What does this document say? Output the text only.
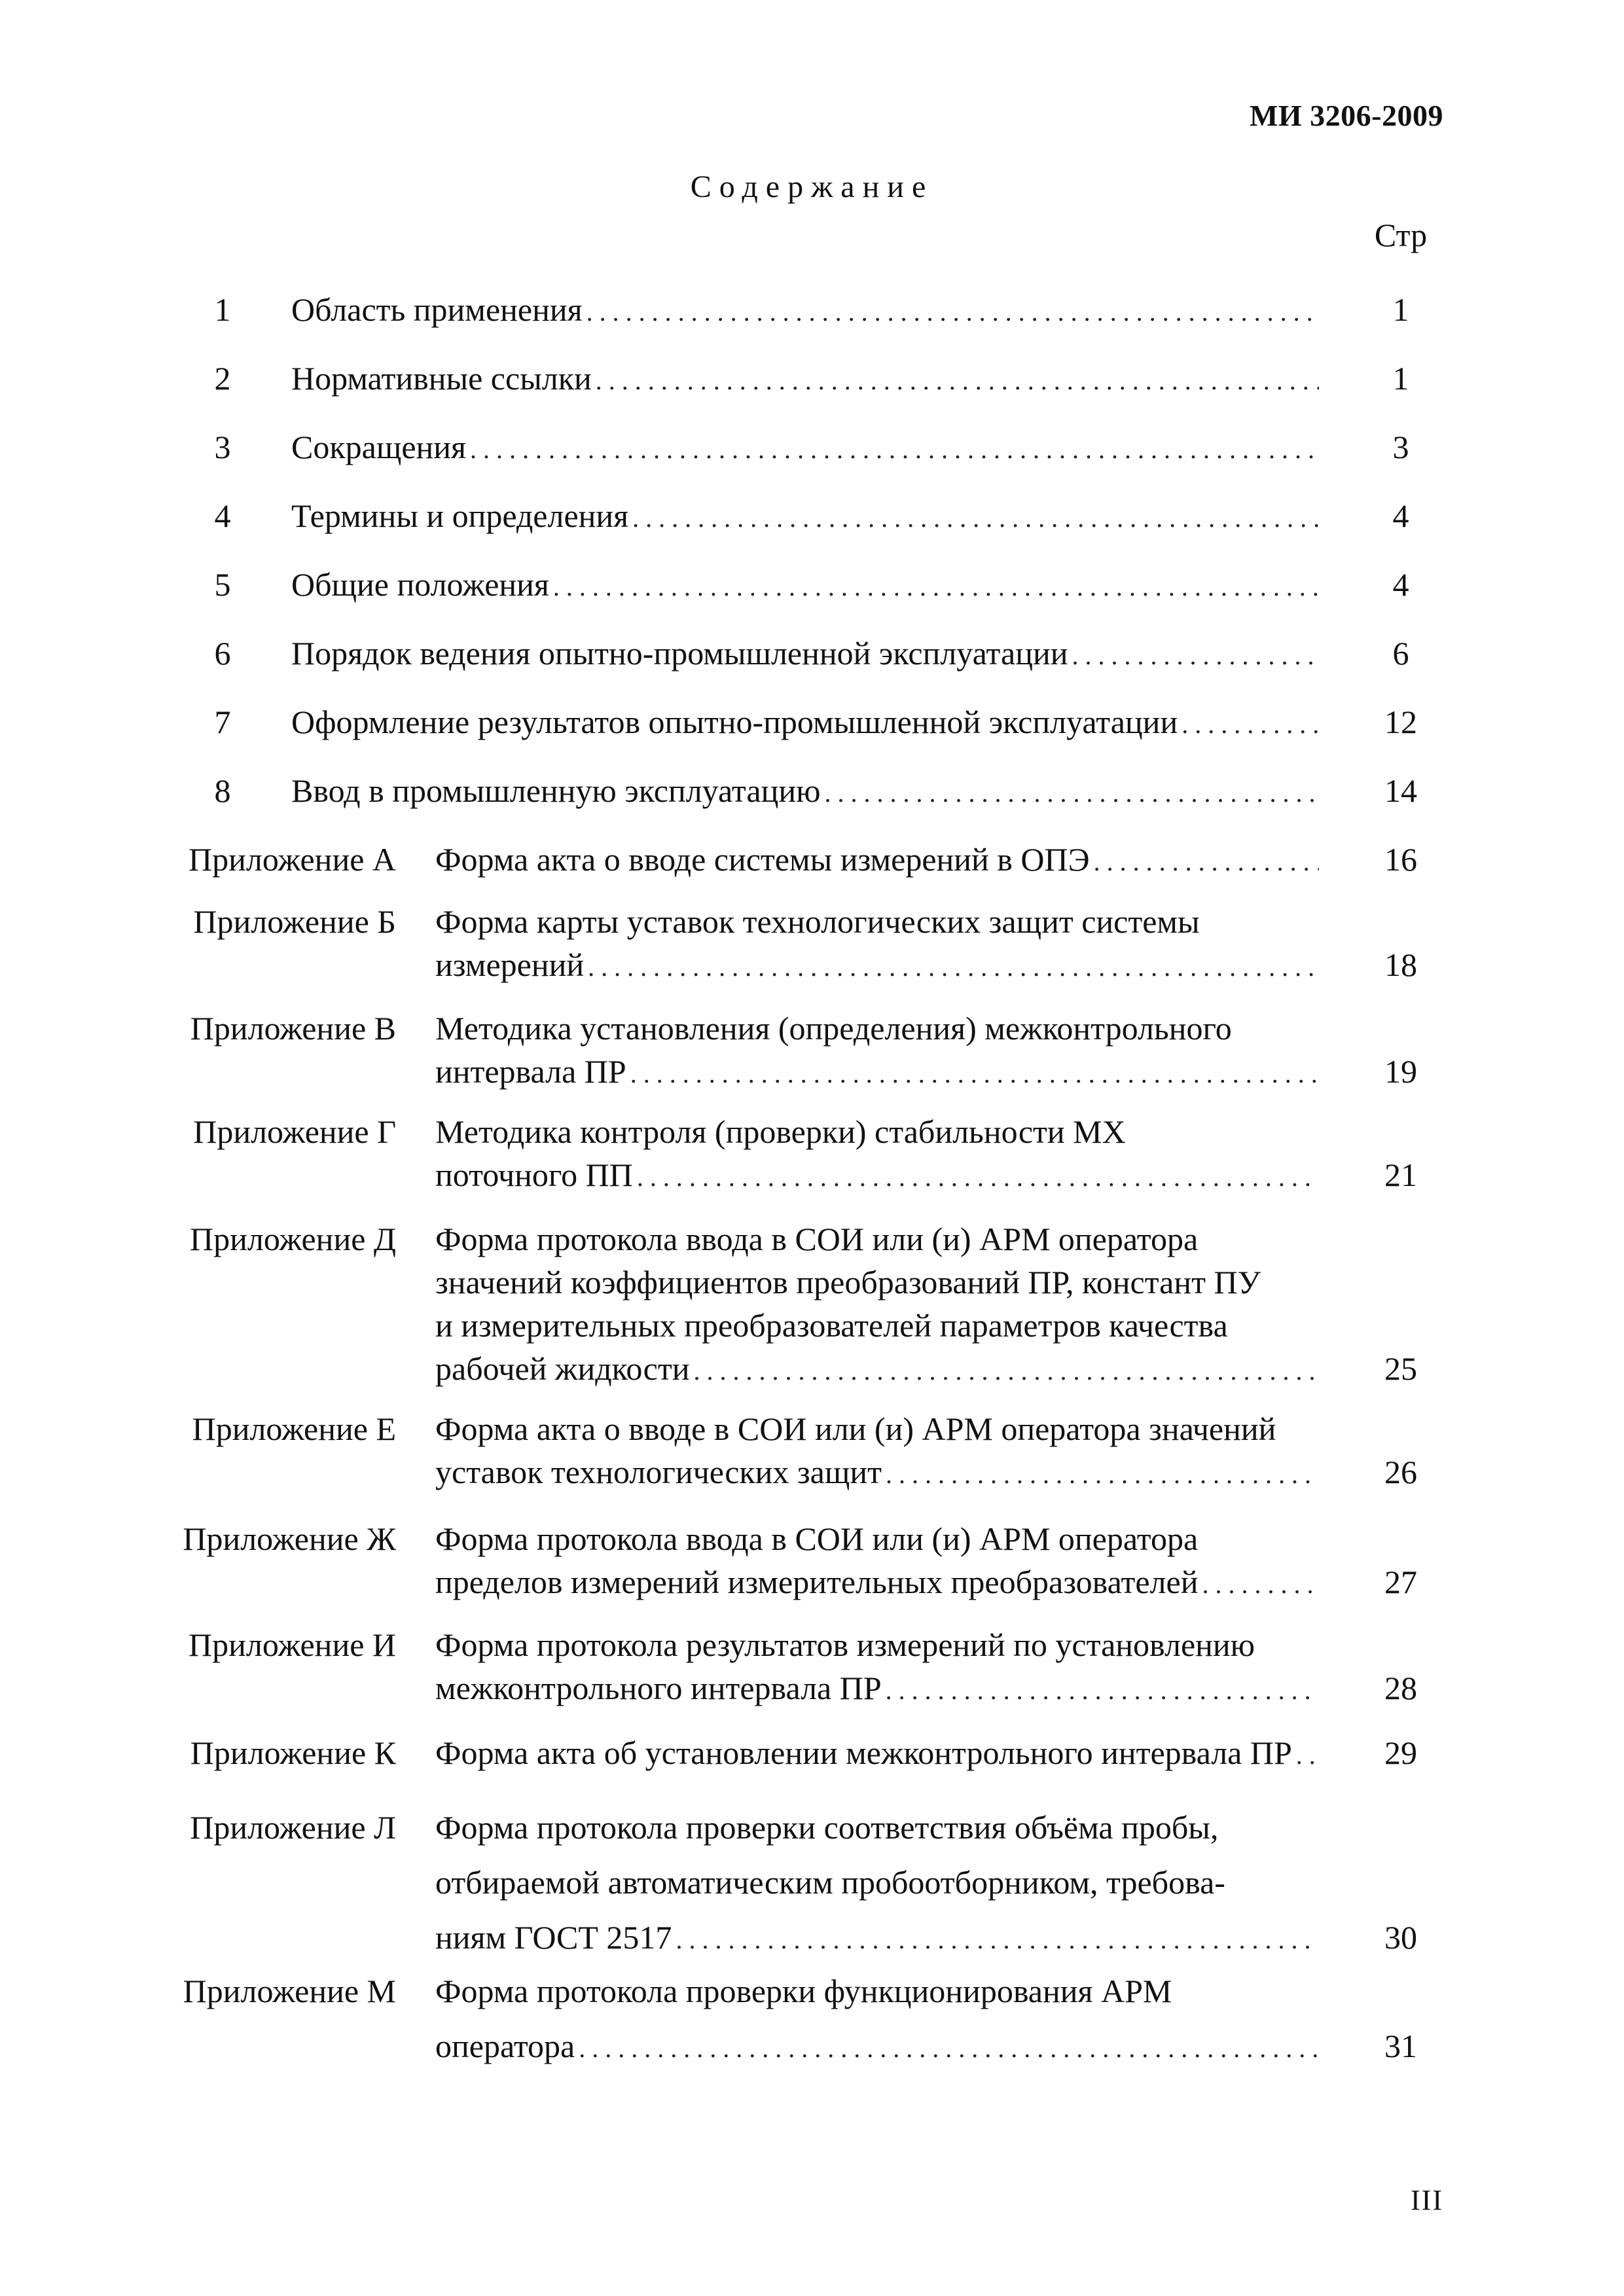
МИ 3206-2009
Содержание
Стр
1	Область применения . . .	1
2	Нормативные ссылки . . .	1
3	Сокращения . . .	3
4	Термины и определения . . .	4
5	Общие положения . . .	4
6	Порядок ведения опытно-промышленной эксплуатации . . .	6
7	Оформление результатов опытно-промышленной эксплуатации . . .	12
8	Ввод в промышленную эксплуатацию . . .	14
Приложение А Форма акта о вводе системы измерений в ОПЭ . . .	16
Приложение Б Форма карты уставок технологических защит системы
измерений . . .	18
Приложение В Методика установления (определения) межконтрольного
интервала ПР . . .	19
Приложение Г Методика контроля (проверки) стабильности МХ
поточного ПП . . .	21
Приложение Д Форма протокола ввода в СОИ или (и) АРМ оператора
значений коэффициентов преобразований ПР, констант ПУ
и измерительных преобразователей параметров качества
рабочей жидкости . . .	25
Приложение Е Форма акта о вводе в СОИ или (и) АРМ оператора значений
уставок технологических защит . . .	26
Приложение Ж Форма протокола ввода в СОИ или (и) АРМ оператора
пределов измерений измерительных преобразователей . . .	27
Приложение И Форма протокола результатов измерений по установлению
межконтрольного интервала ПР . . .	28
Приложение К Форма акта об установлении межконтрольного интервала ПР . . .	29
Приложение Л Форма протокола проверки соответствия объёма пробы,
отбираемой автоматическим пробоотборником, требова-
ниям ГОСТ 2517 . . .	30
Приложение М Форма протокола проверки функционирования АРМ
оператора . . .	31
III
